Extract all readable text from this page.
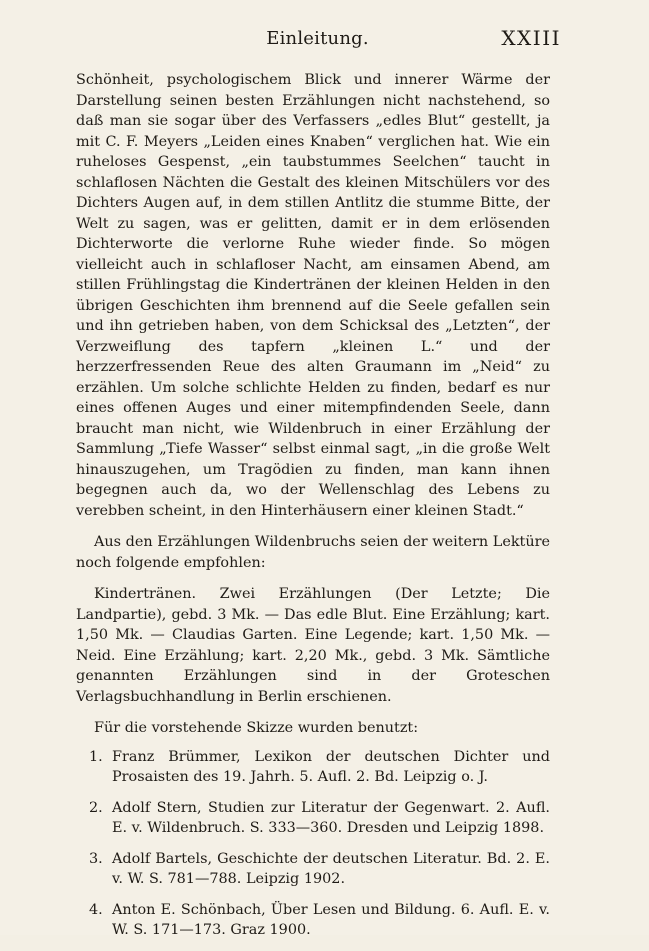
Einleitung.	XXIII

Schönheit, psychologischem Blick und innerer Wärme der Darstellung seinen besten Erzählungen nicht nachstehend, so daß man sie sogar über des Verfassers „edles Blut“ gestellt, ja mit C. F. Meyers „Leiden eines Knaben“ verglichen hat. Wie ein ruheloses Gespenst, „ein taubstummes Seelchen“ taucht in schlaflosen Nächten die Gestalt des kleinen Mitschülers vor des Dichters Augen auf, in dem stillen Antlitz die stumme Bitte, der Welt zu sagen, was er gelitten, damit er in dem erlösenden Dichterworte die verlorne Ruhe wieder finde. So mögen vielleicht auch in schlafloser Nacht, am einsamen Abend, am stillen Frühlingstag die Kindertränen der kleinen Helden in den übrigen Geschichten ihm brennend auf die Seele gefallen sein und ihn getrieben haben, von dem Schicksal des „Letzten“, der Verzweiflung des tapfern „kleinen L.“ und der herzzerfressenden Reue des alten Graumann im „Neid“ zu erzählen. Um solche schlichte Helden zu finden, bedarf es nur eines offenen Auges und einer mitempfindenden Seele, dann braucht man nicht, wie Wildenbruch in einer Erzählung der Sammlung „Tiefe Wasser“ selbst einmal sagt, „in die große Welt hinauszugehen, um Tragödien zu finden, man kann ihnen begegnen auch da, wo der Wellenschlag des Lebens zu verebben scheint, in den Hinterhäusern einer kleinen Stadt.“

Aus den Erzählungen Wildenbruchs seien der weitern Lektüre noch folgende empfohlen:

Kindertränen. Zwei Erzählungen (Der Letzte; Die Landpartie), gebd. 3 Mk. — Das edle Blut. Eine Erzählung; kart. 1,50 Mk. — Claudias Garten. Eine Legende; kart. 1,50 Mk. — Neid. Eine Erzählung; kart. 2,20 Mk., gebd. 3 Mk. Sämtliche genannten Erzählungen sind in der Groteschen Verlagsbuchhandlung in Berlin erschienen.

Für die vorstehende Skizze wurden benutzt:

1. Franz Brümmer, Lexikon der deutschen Dichter und Prosaisten des 19. Jahrh. 5. Aufl. 2. Bd. Leipzig o. J.
2. Adolf Stern, Studien zur Literatur der Gegenwart. 2. Aufl. E. v. Wildenbruch. S. 333—360. Dresden und Leipzig 1898.
3. Adolf Bartels, Geschichte der deutschen Literatur. Bd. 2. E. v. W. S. 781—788. Leipzig 1902.
4. Anton E. Schönbach, Über Lesen und Bildung. 6. Aufl. E. v. W. S. 171—173. Graz 1900.
